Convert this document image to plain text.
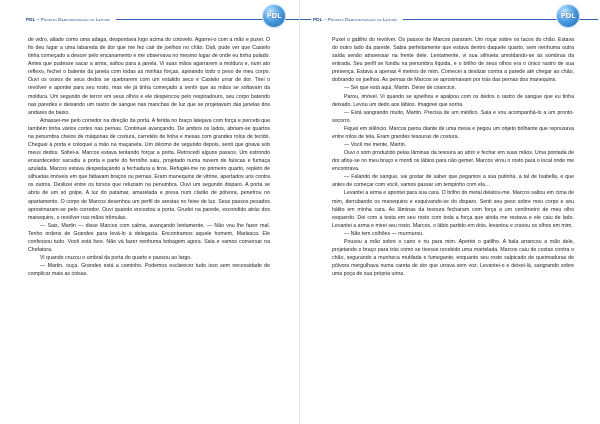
PDL – Projeto Democratização da Leitura	PDL

de vidro, aliado como uma adaga, despontava logo acima do cotovelo. Agarrei-o com a mão e puxei. O fio deu lugar a uma labareda de dor que me fez cair de joelhos no chão. Dali, pude ver que Castelo tinha começado a descer pelo encanamento e me observava no mesmo lugar de onde eu tinha pulado. Antes que pudesse sacar a arma, saltou para a janela. Vi suas mãos agarrarem a moldura e, num ato reflexo, fechei o batente da janela com todas as minhas forças, apoiando todo o peso de meu corpo. Ouvi os ossos de seus dedos se quebrarem com um estalido seco e Castelo urrar de dor. Tirei o revólver e apontei para seu rosto, mas ele já tinha começado a sentir que as mãos se soltavam da moldura. Um segundo de terror em seus olhos e ele despencou pelo respiradouro, seu corpo batendo nas paredes e deixando um rastro de sangue nas manchas de luz que se projetavam das janelas dos andares de baixo.

Amassei-me pelo corredor na direção da porta. A ferida no braço latejava com força e percebi que também tinha vários cortes nas pernas. Continuei avançando. De ambos os lados, abriam-se quartos na penumbra cheios de máquinas de costura, carretéis de linha e mesas com grandes rolos de tecido. Cheguei à porta e coloquei a mão na maçaneta. Um décimo de segundo depois, senti que girava sob meus dedos. Soltei-a. Marcos estava tentando forçar a porta. Retrocedi alguns passos. Um estrondo ensurdecedor sacudiu a porta e parte do ferrolho saiu, projetado numa nuvem de faíscas e fumaça azulada. Marcos estava despedaçando a fechadura a tiros. Refugiei-me no primeiro quarto, repleto de silhuetas imóveis em que faltavam braços ou pernas. Eram manequins de vitrine, apertados uns contra os outros. Deslizei entre os torsos que reluziam na penumbra. Ouvi um segundo disparo. A porta se abriu de um só golpe. A luz do patamar, amarelada e presa num clarão de pólvora, penetrou no apartamento. O corpo de Marcos desenhou um perfil de arestas no feixe de luz. Seus passos pesados aproximaram-se pelo corredor. Ouvi quando encostou a porta. Grudei na parede, escondido atrás dos manequins, o revólver nas mãos trêmulas.

— Sais, Martin — disse Marcos com calma, avançando lentamente. — Não vou lhe fazer mal. Tenho ordens de Grandes para levá-lo à delegacia. Encontramos aquele homem, Marlasca. Ele confessou tudo. Você está livre. Não vá fazer nenhuma bobagem agora. Saia e vamos conversar na Chefatura.

Vi quando cruzou o umbral da porta do quarto e passou ao largo.

— Martin, ouça. Grandes está a caminho. Podemos esclarecer tudo isso sem necessidade de complicar mais as coisas.

PDL – Projeto Democratização da Leitura	PDL

Puxei o gatilho do revólver. Os passos de Marcos pararam. Um roçar sobre os tacos do chão. Estava do outro lado da parede. Sabia perfeitamente que estava dentro daquele quarto, sem nenhuma outra saída senão atravessar na frente dele. Lentamente, vi sua silhueta amoldando-se às sombras da entrada. Seu perfil se fundiu na penumbra líquida, e o brilho de seus olhos era o único rastro de sua presença. Estava a apenas 4 metros de mim. Comecei a deslizar contra a parede até chegar ao chão, dobrando os joelhos. As pernas de Marcos se aproximavam por trás das pernas dos manequins.

— Sei que está aqui, Martin. Deixe de criancice.

Parou, imóvel. Vi quando se ajoelhou e apalpou com os dedos o rastro de sangue que eu tinha deixado. Levou um dedo aos lábios. Imaginei que sorria.

— Está sangrando muito, Martin. Precisa de um médico. Saia e vou acompanhá-lo a um pronto-socorro.

Fiquei em silêncio. Marcos parou diante de uma mesa e pegou um objeto brilhante que repousava entre rolos de tela. Eram grandes tesouras de costura.

— Você me mente, Martin.

Ouvi o som produzido pelas lâminas da tesoura ao abrir e fechar em suas mãos. Uma pontada de dor afiou-se no meu braço e mordi os lábios para não gemer. Marcos virou o rosto para o local onde me encontrava.

— Falando de sangue, vai gostar de saber que pegamos a sua putinha, a tal de Isabella, e que antes de começar com você, vamos passar um tempinho com ela…

Levantei a arma e apontei para sua cara. O brilho do metal delatou-me. Marcos saltou em cima de mim, derrubando os manequins e esquivando-se do disparo. Senti seu peso sobre meu corpo e seu hálito em minha cara. As lâminas da tesoura fecharam com força a um centímetro de meu olho esquerdo. Dei com a testa em seu rosto com toda a força que ainda me restava e ele caiu de lado. Levantei a arma e mirei seu rosto. Marcos, o lábio partido em dois, levantou e cravou os olhos em mim.

— Não tem colhões — murmurou.

Pousou a mão sobre o cano e riu para mim. Apertei o gatilho. A bala arrancou a mão dele, projetando o braço para trás como se tivesse recebido uma martelada. Marcos caiu de costas contra o chão, segurando a munheca mutilada e fumegante, enquanto seu rosto salpicado de queimaduras de pólvora mergulhava numa careta de dor que urrava sem voz. Levantei-o e deixei-lá, sangrando sobre uma poça de sua própria urina.
